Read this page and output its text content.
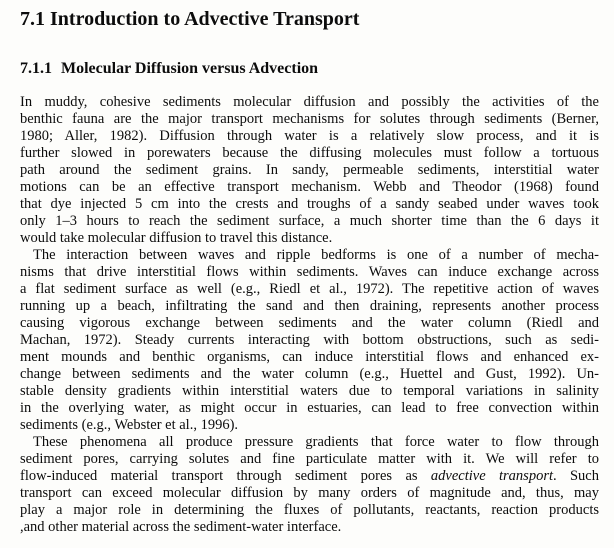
7.1 Introduction to Advective Transport
7.1.1 Molecular Diffusion versus Advection
In muddy, cohesive sediments molecular diffusion and possibly the activities of the
benthic fauna are the major transport mechanisms for solutes through sediments (Berner,
1980; Aller, 1982). Diffusion through water is a relatively slow process, and it is
further slowed in porewaters because the diffusing molecules must follow a tortuous
path around the sediment grains. In sandy, permeable sediments, interstitial water
motions can be an effective transport mechanism. Webb and Theodor (1968) found
that dye injected 5 cm into the crests and troughs of a sandy seabed under waves took
only 1–3 hours to reach the sediment surface, a much shorter time than the 6 days it
would take molecular diffusion to travel this distance.
The interaction between waves and ripple bedforms is one of a number of mecha-
nisms that drive interstitial flows within sediments. Waves can induce exchange across
a flat sediment surface as well (e.g., Riedl et al., 1972). The repetitive action of waves
running up a beach, infiltrating the sand and then draining, represents another process
causing vigorous exchange between sediments and the water column (Riedl and
Machan, 1972). Steady currents interacting with bottom obstructions, such as sedi-
ment mounds and benthic organisms, can induce interstitial flows and enhanced ex-
change between sediments and the water column (e.g., Huettel and Gust, 1992). Un-
stable density gradients within interstitial waters due to temporal variations in salinity
in the overlying water, as might occur in estuaries, can lead to free convection within
sediments (e.g., Webster et al., 1996).
These phenomena all produce pressure gradients that force water to flow through
sediment pores, carrying solutes and fine particulate matter with it. We will refer to
flow-induced material transport through sediment pores as advective transport. Such
transport can exceed molecular diffusion by many orders of magnitude and, thus, may
play a major role in determining the fluxes of pollutants, reactants, reaction products
,and other material across the sediment-water interface.
